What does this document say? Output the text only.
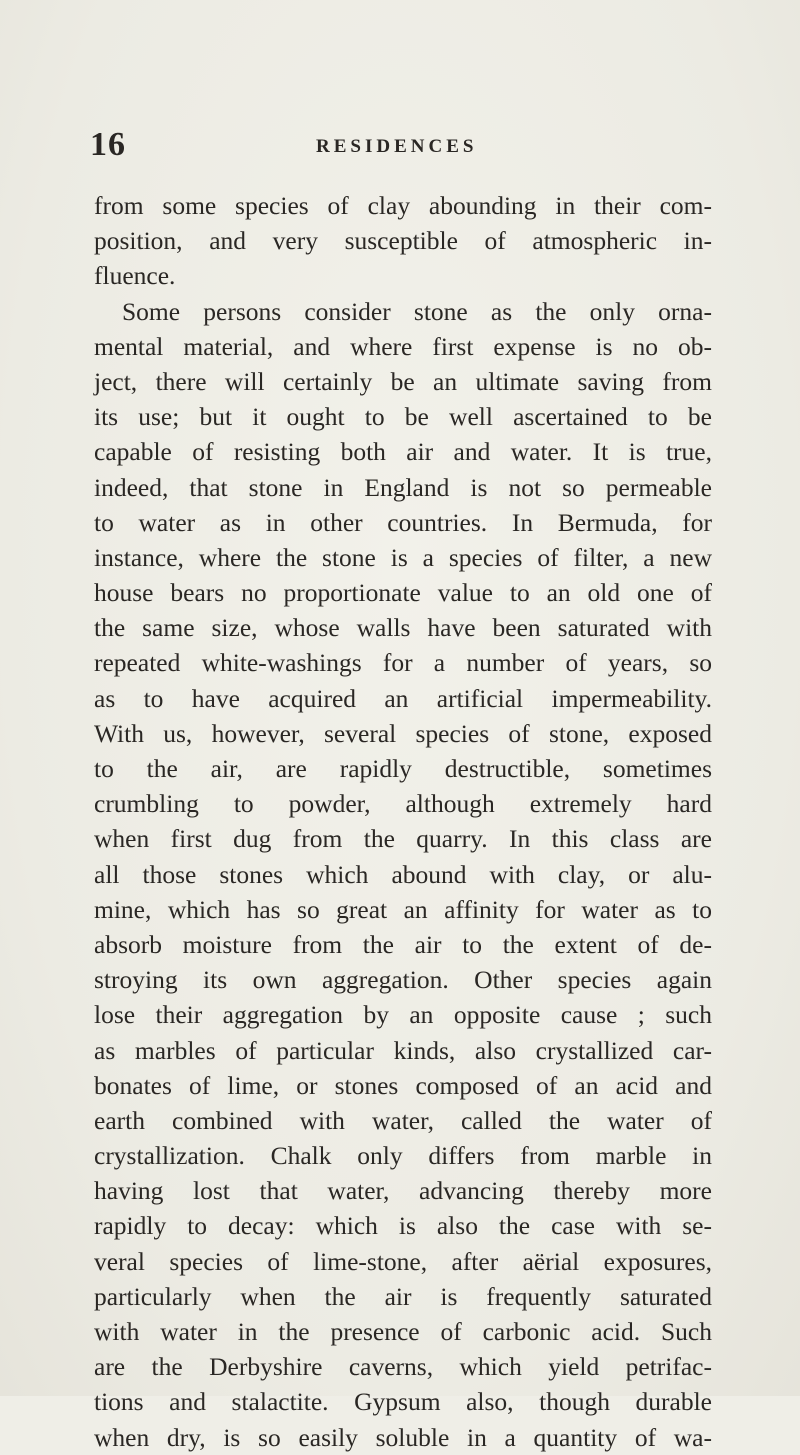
16	RESIDENCES
from some species of clay abounding in their com-
position, and very susceptible of atmospheric in-
fluence.
Some persons consider stone as the only orna-
mental material, and where first expense is no ob-
ject, there will certainly be an ultimate saving from
its use; but it ought to be well ascertained to be
capable of resisting both air and water. It is true,
indeed, that stone in England is not so permeable
to water as in other countries. In Bermuda, for
instance, where the stone is a species of filter, a new
house bears no proportionate value to an old one of
the same size, whose walls have been saturated with
repeated white-washings for a number of years, so
as to have acquired an artificial impermeability.
With us, however, several species of stone, exposed
to the air, are rapidly destructible, sometimes
crumbling to powder, although extremely hard
when first dug from the quarry. In this class are
all those stones which abound with clay, or alu-
mine, which has so great an affinity for water as to
absorb moisture from the air to the extent of de-
stroying its own aggregation. Other species again
lose their aggregation by an opposite cause ; such
as marbles of particular kinds, also crystallized car-
bonates of lime, or stones composed of an acid and
earth combined with water, called the water of
crystallization. Chalk only differs from marble in
having lost that water, advancing thereby more
rapidly to decay: which is also the case with se-
veral species of lime-stone, after aërial exposures,
particularly when the air is frequently saturated
with water in the presence of carbonic acid. Such
are the Derbyshire caverns, which yield petrifac-
tions and stalactite. Gypsum also, though durable
when dry, is so easily soluble in a quantity of wa-
